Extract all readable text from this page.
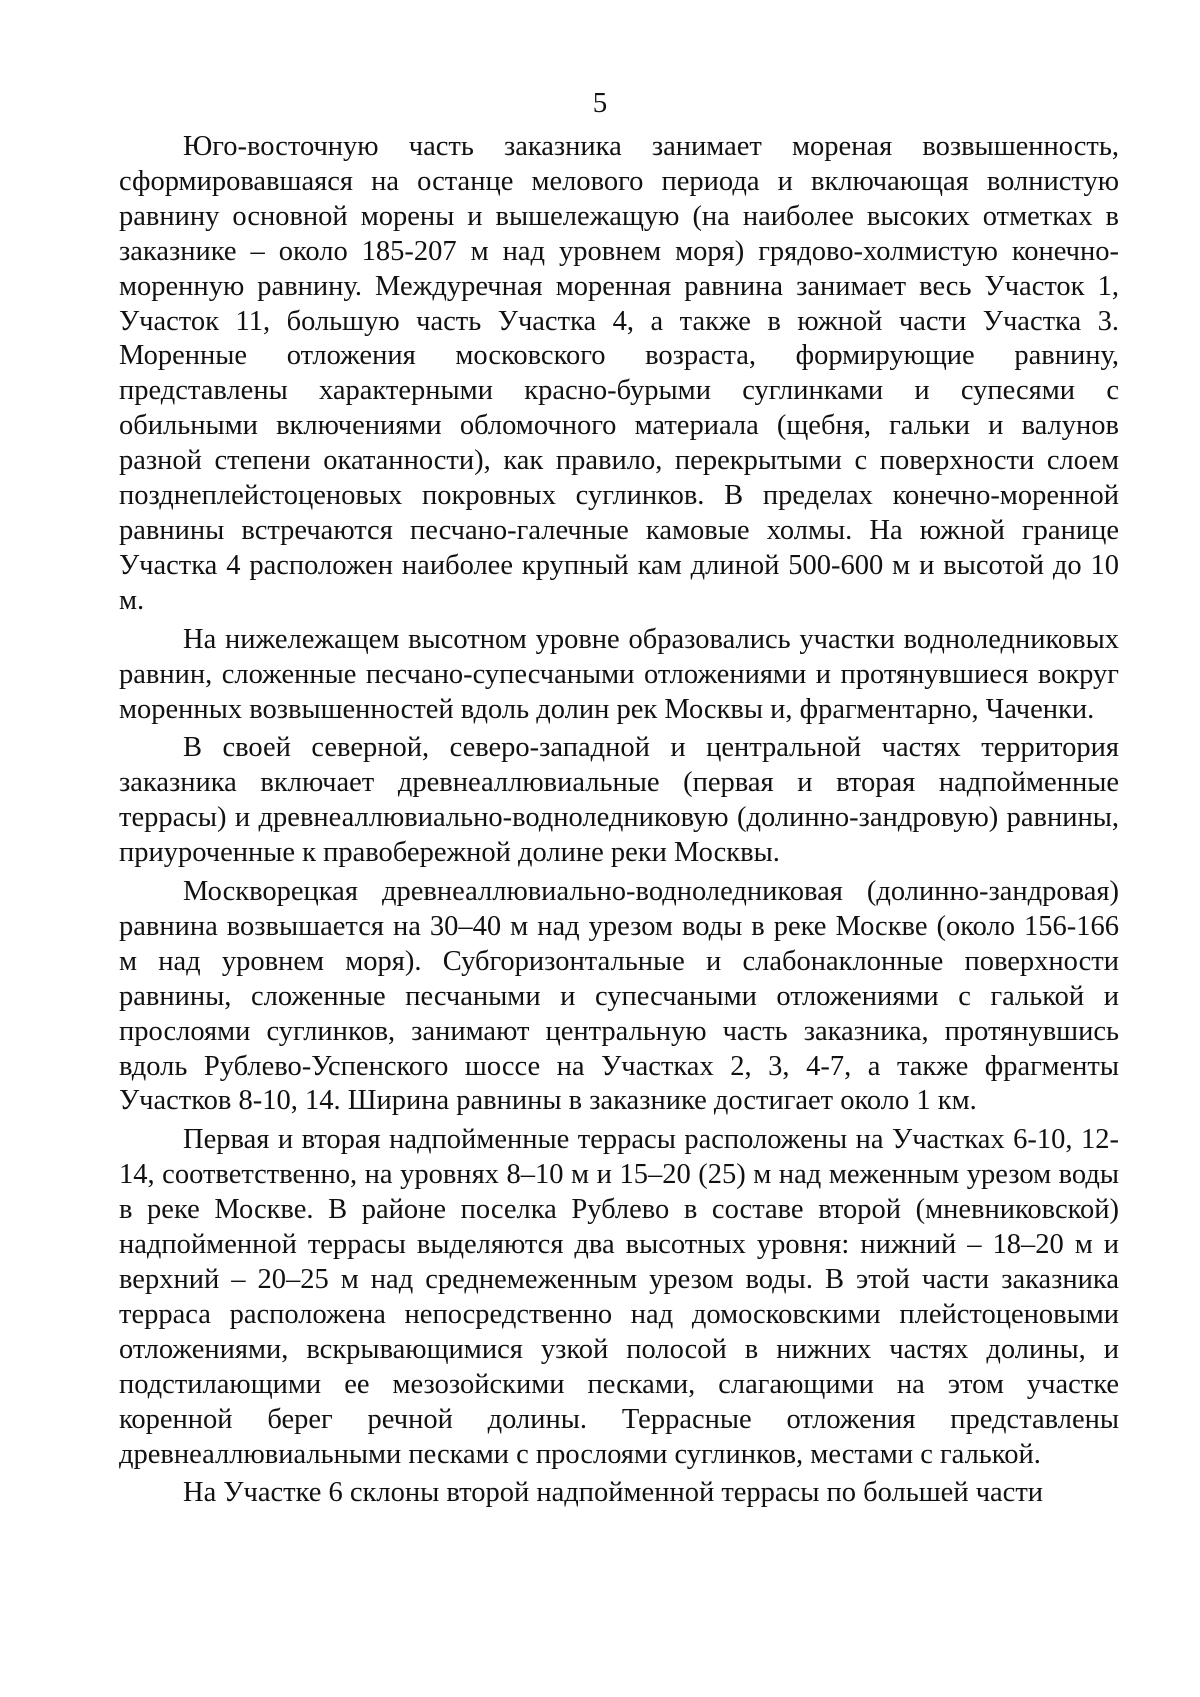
5

Юго-восточную часть заказника занимает мореная возвышенность, сформировавшаяся на останце мелового периода и включающая волнистую равнину основной морены и вышележащую (на наиболее высоких отметках в заказнике – около 185-207 м над уровнем моря) грядово-холмистую конечно-моренную равнину. Междуречная моренная равнина занимает весь Участок 1, Участок 11, большую часть Участка 4, а также в южной части Участка 3. Моренные отложения московского возраста, формирующие равнину, представлены характерными красно-бурыми суглинками и супесями с обильными включениями обломочного материала (щебня, гальки и валунов разной степени окатанности), как правило, перекрытыми с поверхности слоем позднеплейстоценовых покровных суглинков. В пределах конечно-моренной равнины встречаются песчано-галечные камовые холмы. На южной границе Участка 4 расположен наиболее крупный кам длиной 500-600 м и высотой до 10 м.

На нижележащем высотном уровне образовались участки водноледниковых равнин, сложенные песчано-супесчаными отложениями и протянувшиеся вокруг моренных возвышенностей вдоль долин рек Москвы и, фрагментарно, Чаченки.

В своей северной, северо-западной и центральной частях территория заказника включает древнеаллювиальные (первая и вторая надпойменные террасы) и древнеаллювиально-водноледниковую (долинно-зандровую) равнины, приуроченные к правобережной долине реки Москвы.

Москворецкая древнеаллювиально-водноледниковая (долинно-зандровая) равнина возвышается на 30–40 м над урезом воды в реке Москве (около 156-166 м над уровнем моря). Субгоризонтальные и слабонаклонные поверхности равнины, сложенные песчаными и супесчаными отложениями с галькой и прослоями суглинков, занимают центральную часть заказника, протянувшись вдоль Рублево-Успенского шоссе на Участках 2, 3, 4-7, а также фрагменты Участков 8-10, 14. Ширина равнины в заказнике достигает около 1 км.

Первая и вторая надпойменные террасы расположены на Участках 6-10, 12-14, соответственно, на уровнях 8–10 м и 15–20 (25) м над меженным урезом воды в реке Москве. В районе поселка Рублево в составе второй (мневниковской) надпойменной террасы выделяются два высотных уровня: нижний – 18–20 м и верхний – 20–25 м над среднемеженным урезом воды. В этой части заказника терраса расположена непосредственно над домосковскими плейстоценовыми отложениями, вскрывающимися узкой полосой в нижних частях долины, и подстилающими ее мезозойскими песками, слагающими на этом участке коренной берег речной долины. Террасные отложения представлены древнеаллювиальными песками с прослоями суглинков, местами с галькой.

На Участке 6 склоны второй надпойменной террасы по большей части
